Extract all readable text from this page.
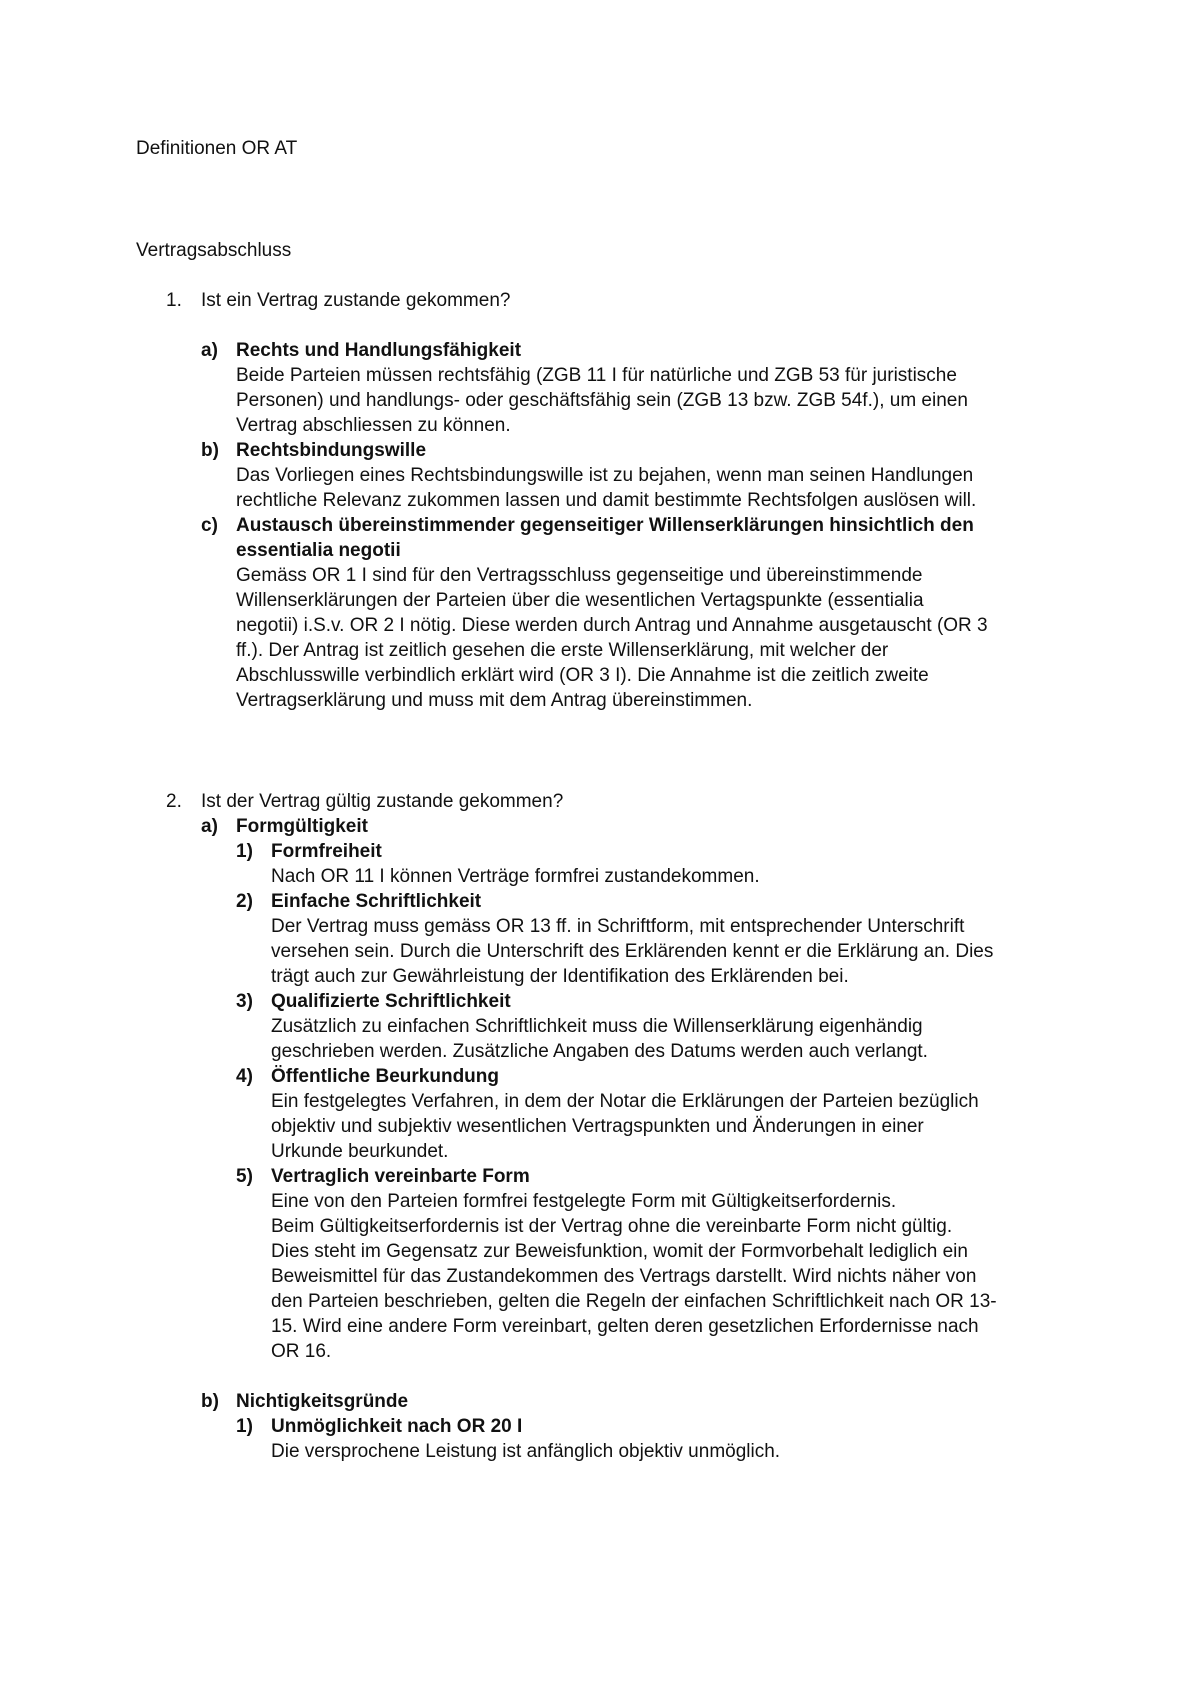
Definitionen OR AT
Vertragsabschluss
1. Ist ein Vertrag zustande gekommen?
a) Rechts und Handlungsfähigkeit
Beide Parteien müssen rechtsfähig (ZGB 11 I für natürliche und ZGB 53 für juristische
Personen) und handlungs- oder geschäftsfähig sein (ZGB 13 bzw. ZGB 54f.), um einen
Vertrag abschliessen zu können.
b) Rechtsbindungswille
Das Vorliegen eines Rechtsbindungswille ist zu bejahen, wenn man seinen Handlungen
rechtliche Relevanz zukommen lassen und damit bestimmte Rechtsfolgen auslösen will.
c) Austausch übereinstimmender gegenseitiger Willenserklärungen hinsichtlich den
essentialia negotii
Gemäss OR 1 I sind für den Vertragsschluss gegenseitige und übereinstimmende
Willenserklärungen der Parteien über die wesentlichen Vertagspunkte (essentialia
negotii) i.S.v. OR 2 I nötig. Diese werden durch Antrag und Annahme ausgetauscht (OR 3
ff.). Der Antrag ist zeitlich gesehen die erste Willenserklärung, mit welcher der
Abschlusswille verbindlich erklärt wird (OR 3 I). Die Annahme ist die zeitlich zweite
Vertragserklärung und muss mit dem Antrag übereinstimmen.
2. Ist der Vertrag gültig zustande gekommen?
a) Formgültigkeit
1) Formfreiheit
Nach OR 11 I können Verträge formfrei zustandekommen.
2) Einfache Schriftlichkeit
Der Vertrag muss gemäss OR 13 ff. in Schriftform, mit entsprechender Unterschrift
versehen sein. Durch die Unterschrift des Erklärenden kennt er die Erklärung an. Dies
trägt auch zur Gewährleistung der Identifikation des Erklärenden bei.
3) Qualifizierte Schriftlichkeit
Zusätzlich zu einfachen Schriftlichkeit muss die Willenserklärung eigenhändig
geschrieben werden. Zusätzliche Angaben des Datums werden auch verlangt.
4) Öffentliche Beurkundung
Ein festgelegtes Verfahren, in dem der Notar die Erklärungen der Parteien bezüglich
objektiv und subjektiv wesentlichen Vertragspunkten und Änderungen in einer
Urkunde beurkundet.
5) Vertraglich vereinbarte Form
Eine von den Parteien formfrei festgelegte Form mit Gültigkeitserfordernis.
Beim Gültigkeitserfordernis ist der Vertrag ohne die vereinbarte Form nicht gültig.
Dies steht im Gegensatz zur Beweisfunktion, womit der Formvorbehalt lediglich ein
Beweismittel für das Zustandekommen des Vertrags darstellt. Wird nichts näher von
den Parteien beschrieben, gelten die Regeln der einfachen Schriftlichkeit nach OR 13-
15. Wird eine andere Form vereinbart, gelten deren gesetzlichen Erfordernisse nach
OR 16.
b) Nichtigkeitsgründe
1) Unmöglichkeit nach OR 20 I
Die versprochene Leistung ist anfänglich objektiv unmöglich.
